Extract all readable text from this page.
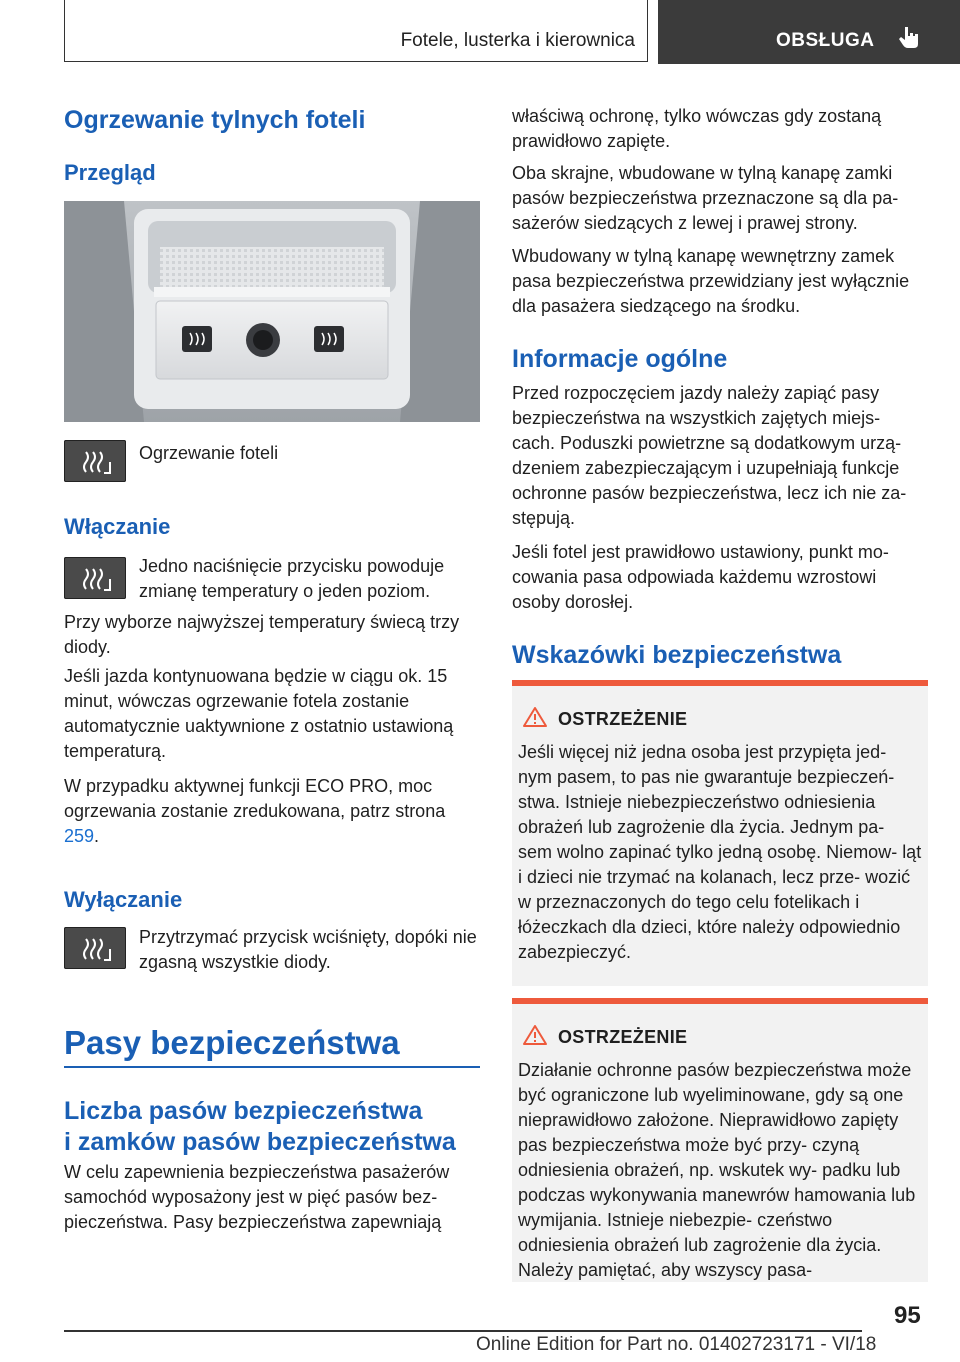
Fotele, lusterka i kierownica	OBSŁUGA
Ogrzewanie tylnych foteli
Przegląd

Ogrzewanie foteli

Włączanie

Jedno naciśnięcie przycisku powoduje zmianę temperatury o jeden poziom.

Przy wyborze najwyższej temperatury świecą trzy diody.

Jeśli jazda kontynuowana będzie w ciągu ok. 15 minut, wówczas ogrzewanie fotela zostanie automatycznie uaktywnione z ostatnio ustawioną temperaturą.

W przypadku aktywnej funkcji ECO PRO, moc ogrzewania zostanie zredukowana, patrz strona 259.

Wyłączanie

Przytrzymać przycisk wciśnięty, dopóki nie zgasną wszystkie diody.

Pasy bezpieczeństwa
Liczba pasów bezpieczeństwa
i zamków pasów bezpieczeństwa

W celu zapewnienia bezpieczeństwa pasażerów samochód wyposażony jest w pięć pasów bez- pieczeństwa. Pasy bezpieczeństwa zapewniają

właściwą ochronę, tylko wówczas gdy zostaną prawidłowo zapięte.

Oba skrajne, wbudowane w tylną kanapę zamki pasów bezpieczeństwa przeznaczone są dla pa- sażerów siedzących z lewej i prawej strony.

Wbudowany w tylną kanapę wewnętrzny zamek pasa bezpieczeństwa przewidziany jest wyłącznie dla pasażera siedzącego na środku.

Informacje ogólne

Przed rozpoczęciem jazdy należy zapiąć pasy bezpieczeństwa na wszystkich zajętych miejs- cach. Poduszki powietrzne są dodatkowym urzą- dzeniem zabezpieczającym i uzupełniają funkcje ochronne pasów bezpieczeństwa, lecz ich nie za- stępują.

Jeśli fotel jest prawidłowo ustawiony, punkt mo- cowania pasa odpowiada każdemu wzrostowi osoby dorosłej.

Wskazówki bezpieczeństwa
OSTRZEŻENIE

Jeśli więcej niż jedna osoba jest przypięta jed- nym pasem, to pas nie gwarantuje bezpieczeń- stwa. Istnieje niebezpieczeństwo odniesienia obrażeń lub zagrożenie dla życia. Jednym pa- sem wolno zapinać tylko jedną osobę. Niemow- ląt i dzieci nie trzymać na kolanach, lecz prze- wozić w przeznaczonych do tego celu fotelikach i łóżeczkach dla dzieci, które należy odpowiednio zabezpieczyć.

OSTRZEŻENIE

Działanie ochronne pasów bezpieczeństwa może być ograniczone lub wyeliminowane, gdy są one nieprawidłowo założone. Nieprawidłowo zapięty pas bezpieczeństwa może być przy- czyną odniesienia obrażeń, np. wskutek wy- padku lub podczas wykonywania manewrów hamowania lub wymijania. Istnieje niebezpie- czeństwo odniesienia obrażeń lub zagrożenie dla życia. Należy pamiętać, aby wszyscy pasa-

95
Online Edition for Part no. 01402723171 - VI/18
